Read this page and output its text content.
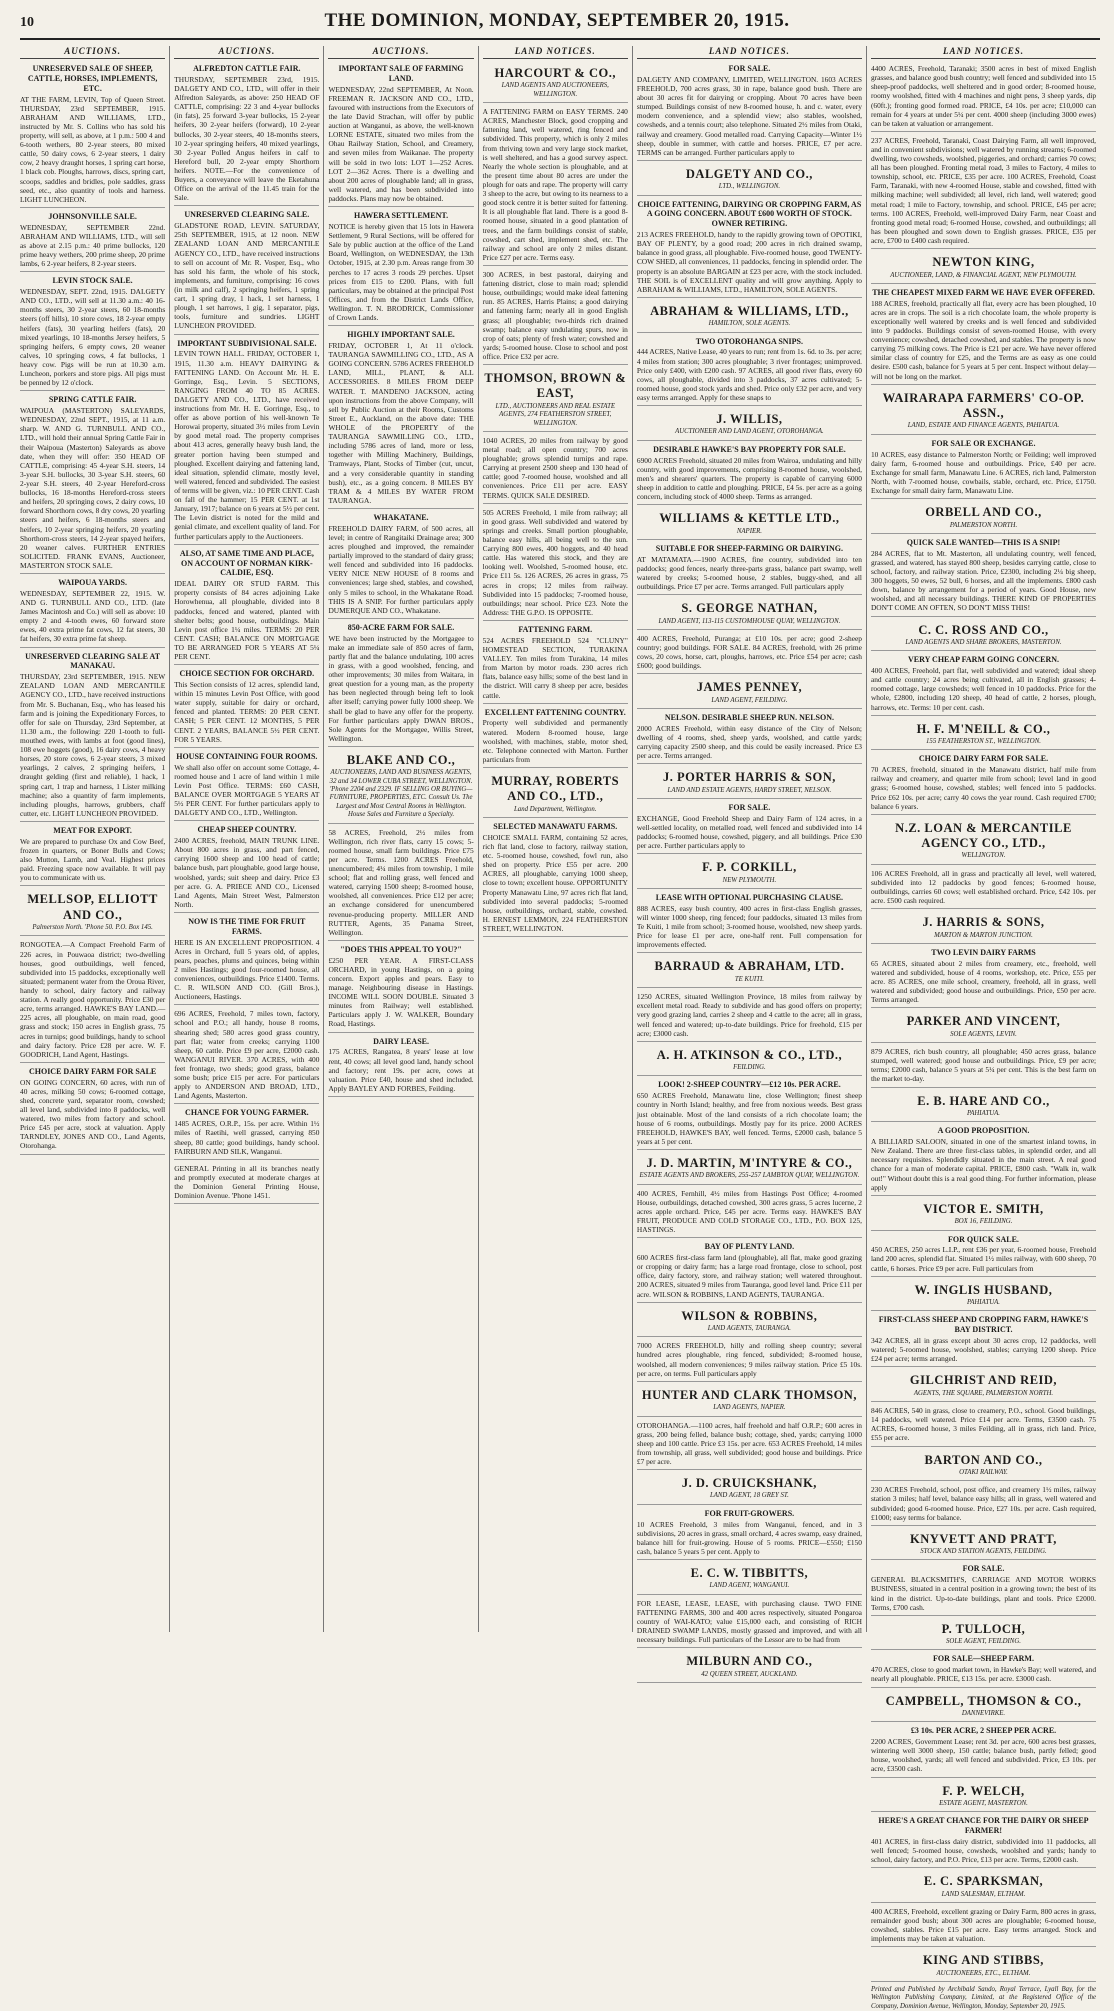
10	THE DOMINION, MONDAY, SEPTEMBER 20, 1915.
AUCTIONS.
UNRESERVED SALE OF SHEEP, CATTLE, HORSES, IMPLEMENTS, ETC.
AT THE FARM, LEVIN, Top of Queen Street. THURSDAY, 23rd SEPTEMBER, 1915. ABRAHAM AND WILLIAMS, LTD., instructed by Mr. S. Collins who has sold his property, will sell, as above, at 1 p.m.: 500 4 and 6-tooth wethers, 80 2-year steers, 80 mixed cattle, 50 dairy cows, 6 2-year steers, 1 dairy cow, 2 heavy draught horses, 1 spring cart horse, 1 black cob. Ploughs, harrows, discs, spring cart, scoops, saddles and bridles, pole saddles, grass seed, etc., also quantity of tools and harness. LIGHT LUNCHEON.
JOHNSONVILLE SALE.
WEDNESDAY, SEPTEMBER 22nd. ABRAHAM AND WILLIAMS, LTD., will sell as above at 2.15 p.m.: 40 prime bullocks, 120 prime heavy wethers, 200 prime sheep, 20 prime lambs, 6 2-year heifers, 8 2-year steers.
LEVIN STOCK SALE.
WEDNESDAY, SEPT. 22nd, 1915. DALGETY AND CO., LTD., will sell at 11.30 a.m.: 40 16-months steers, 30 2-year steers, 60 18-months steers (off hills), 10 store cows, 18 2-year empty heifers (fats), 30 yearling heifers (fats), 20 mixed yearlings, 10 18-months Jersey heifers, 5 springing heifers, 6 empty cows, 20 weaner calves, 10 springing cows, 4 fat bullocks, 1 heavy cow. Pigs will be run at 10.30 a.m. Luncheon, porkers and store pigs. All pigs must be penned by 12 o'clock.
SPRING CATTLE FAIR.
WAIPOUA (MASTERTON) SALEYARDS, WEDNESDAY, 22nd SEPT., 1915, at 11 a.m. sharp. W. AND G. TURNBULL AND CO., LTD., will hold their annual Spring Cattle Fair in their Waipoua (Masterton) Saleyards as above date, when they will offer: 350 HEAD OF CATTLE, comprising: 45 4-year S.H. steers, 14 3-year S.H. bullocks, 30 3-year S.H. steers, 60 2-year S.H. steers, 40 2-year Hereford-cross bullocks, 16 18-months Hereford-cross steers and heifers, 20 springing cows, 2 dairy cows, 10 forward Shorthorn cows, 8 dry cows, 20 yearling steers and heifers, 6 18-months steers and heifers, 10 2-year springing heifers, 20 yearling Shorthorn-cross steers, 14 2-year spayed heifers, 20 weaner calves. FURTHER ENTRIES SOLICITED. FRANK EVANS, Auctioneer, MASTERTON STOCK SALE.
WAIPOUA YARDS.
WEDNESDAY, SEPTEMBER 22, 1915. W. AND G. TURNBULL AND CO., LTD. (late James Macintosh and Co.) will sell as above: 10 empty 2 and 4-tooth ewes, 60 forward store ewes, 40 extra prime fat cows, 12 fat steers, 30 fat heifers, 30 extra prime fat sheep.
UNRESERVED CLEARING SALE AT MANAKAU.
THURSDAY, 23rd SEPTEMBER, 1915. NEW ZEALAND LOAN AND MERCANTILE AGENCY CO., LTD., have received instructions from Mr. S. Buchanan, Esq., who has leased his farm and is joining the Expeditionary Forces, to offer for sale on Thursday, 23rd September, at 11.30 a.m., the following: 220 1-tooth to full-mouthed ewes, with lambs at foot (good lines), 108 ewe hoggets (good), 16 dairy cows, 4 heavy horses, 20 store cows, 6 2-year steers, 3 mixed yearlings, 2 calves, 2 springing heifers, 1 draught gelding (first and reliable), 1 hack, 1 spring cart, 1 trap and harness, 1 Lister milking machine; also a quantity of farm implements, including ploughs, harrows, grubbers, chaff cutter, etc. LIGHT LUNCHEON PROVIDED.
MEAT FOR EXPORT.
We are prepared to purchase Ox and Cow Beef, frozen in quarters, or Boner Bulls and Cows; also Mutton, Lamb, and Veal. Highest prices paid. Freezing space now available. It will pay you to communicate with us.
MELLSOP, ELLIOTT AND CO.,
Palmerston North. 'Phone 50. P.O. Box 145.
RONGOTEA.—A Compact Freehold Farm of 226 acres, in Pouwaoa district; two-dwelling houses, good outbuildings, well fenced, subdivided into 15 paddocks, exceptionally well situated; permanent water from the Oroua River, handy to school, dairy factory and railway station. A really good opportunity. Price £30 per acre, terms arranged. HAWKE'S BAY LAND.—225 acres, all ploughable, on main road, good grass and stock; 150 acres in English grass, 75 acres in turnips; good buildings, handy to school and dairy factory. Price £28 per acre. W. F. GOODRICH, Land Agent, Hastings.
CHOICE DAIRY FARM FOR SALE
ON GOING CONCERN, 60 acres, with run of 40 acres, milking 50 cows; 6-roomed cottage, shed, concrete yard, separator room, cowshed; all level land, subdivided into 8 paddocks, well watered, two miles from factory and school. Price £45 per acre, stock at valuation. Apply TARNDLEY, JONES AND CO., Land Agents, Otorohanga.
AUCTIONS.
ALFREDTON CATTLE FAIR.
THURSDAY, SEPTEMBER 23rd, 1915. DALGETY AND CO., LTD., will offer in their Alfredton Saleyards, as above: 250 HEAD OF CATTLE, comprising: 22 3 and 4-year bullocks (in fats), 25 forward 3-year bullocks, 15 2-year heifers, 30 2-year heifers (forward), 10 2-year bullocks, 30 2-year steers, 40 18-months steers, 10 2-year springing heifers, 40 mixed yearlings, 30 2-year Polled Angus heifers in calf to Hereford bull, 20 2-year empty Shorthorn heifers. NOTE.—For the convenience of Buyers, a conveyance will leave the Eketahuna Office on the arrival of the 11.45 train for the Sale.
UNRESERVED CLEARING SALE.
GLADSTONE ROAD, LEVIN. SATURDAY, 25th SEPTEMBER, 1915, at 12 noon. NEW ZEALAND LOAN AND MERCANTILE AGENCY CO., LTD., have received instructions to sell on account of Mr. R. Vosper, Esq., who has sold his farm, the whole of his stock, implements, and furniture, comprising: 16 cows (in milk and calf), 2 springing heifers, 1 spring cart, 1 spring dray, 1 hack, 1 set harness, 1 plough, 1 set harrows, 1 gig, 1 separator, pigs, tools, furniture and sundries. LIGHT LUNCHEON PROVIDED.
IMPORTANT SUBDIVISIONAL SALE.
LEVIN TOWN HALL. FRIDAY, OCTOBER 1, 1915, 11.30 a.m. HEAVY DAIRYING & FATTENING LAND. On Account Mr. H. E. Gorringe, Esq., Levin. 5 SECTIONS, RANGING FROM 40 TO 85 ACRES. DALGETY AND CO., LTD., have received instructions from Mr. H. E. Gorringe, Esq., to offer as above portion of his well-known Te Horowai property, situated 3½ miles from Levin by good metal road. The property comprises about 413 acres, generally heavy bush land, the greater portion having been stumped and ploughed. Excellent dairying and fattening land, ideal situation, splendid climate, mostly level, well watered, fenced and subdivided. The easiest of terms will be given, viz.: 10 PER CENT. Cash on fall of the hammer; 15 PER CENT. at 1st January, 1917; balance on 6 years at 5½ per cent. The Levin district is noted for the mild and genial climate, and excellent quality of land. For further particulars apply to the Auctioneers.
ALSO, AT SAME TIME AND PLACE, ON ACCOUNT OF NORMAN KIRK-CALDIE, ESQ.
IDEAL DAIRY OR STUD FARM. This property consists of 84 acres adjoining Lake Horowhenua, all ploughable, divided into 8 paddocks, fenced and watered, planted with shelter belts; good house, outbuildings. Main Levin post office 1¼ miles. TERMS: 20 PER CENT. CASH; BALANCE ON MORTGAGE TO BE ARRANGED FOR 5 YEARS AT 5¼ PER CENT.
CHOICE SECTION FOR ORCHARD.
This Section consists of 12 acres, splendid land, within 15 minutes Levin Post Office, with good water supply, suitable for dairy or orchard, fenced and planted. TERMS: 20 PER CENT. CASH; 5 PER CENT. 12 MONTHS, 5 PER CENT. 2 YEARS, BALANCE 5½ PER CENT. FOR 5 YEARS.
HOUSE CONTAINING FOUR ROOMS.
We shall also offer on account some Cottage, 4-roomed house and 1 acre of land within 1 mile Levin Post Office. TERMS: £60 CASH, BALANCE OVER MORTGAGE 5 YEARS AT 5½ PER CENT. For further particulars apply to DALGETY AND CO., LTD., Wellington.
CHEAP SHEEP COUNTRY.
2400 ACRES, freehold, MAIN TRUNK LINE. About 800 acres in grass, and part fenced, carrying 1600 sheep and 100 head of cattle; balance bush, part ploughable, good large house, woolshed, yards; suit sheep and dairy. Price £3 per acre. G. A. PRIECE AND CO., Licensed Land Agents, Main Street West, Palmerston North.
NOW IS THE TIME FOR FRUIT FARMS.
HERE IS AN EXCELLENT PROPOSITION. 4 Acres in Orchard, full 5 years old, of apples, pears, peaches, plums and quinces, being within 2 miles Hastings; good four-roomed house, all conveniences, outbuildings. Price £1400. Terms. C. R. WILSON AND CO. (Gill Bros.), Auctioneers, Hastings.
696 ACRES, Freehold, 7 miles town, factory, school and P.O.; all handy, house 8 rooms, shearing shed; 580 acres good grass country, part flat; water from creeks; carrying 1100 sheep, 60 cattle. Price £9 per acre, £2000 cash. WANGANUI RIVER. 370 ACRES, with 400 feet frontage, two sheds; good grass, balance some bush; price £15 per acre. For particulars apply to ANDERSON AND BROAD, LTD., Land Agents, Masterton.
CHANCE FOR YOUNG FARMER.
1485 ACRES, O.R.P., 15s. per acre. Within 1½ miles of Raetihi, well grassed, carrying 850 sheep, 80 cattle; good buildings, handy school. FAIRBURN AND SILK, Wanganui.
GENERAL Printing in all its branches neatly and promptly executed at moderate charges at the Dominion General Printing House, Dominion Avenue. 'Phone 1451.
AUCTIONS.
IMPORTANT SALE OF FARMING LAND.
WEDNESDAY, 22nd SEPTEMBER, At Noon. FREEMAN R. JACKSON AND CO., LTD., favoured with instructions from the Executors of the late David Strachan, will offer by public auction at Wanganui, as above, the well-known LORNE ESTATE, situated two miles from the Ohau Railway Station, School, and Creamery, and seven miles from Waikanae. The property will be sold in two lots: LOT 1—252 Acres. LOT 2—362 Acres. There is a dwelling and about 200 acres of ploughable land; all in grass, well watered, and has been subdivided into paddocks. Plans may now be obtained.
HAWERA SETTLEMENT.
NOTICE is hereby given that 15 lots in Hawera Settlement, 9 Rural Sections, will be offered for Sale by public auction at the office of the Land Board, Wellington, on WEDNESDAY, the 13th October, 1915, at 2.30 p.m. Areas range from 30 perches to 17 acres 3 roods 29 perches. Upset prices from £15 to £200. Plans, with full particulars, may be obtained at the principal Post Offices, and from the District Lands Office, Wellington. T. N. BRODRICK, Commissioner of Crown Lands.
HIGHLY IMPORTANT SALE.
FRIDAY, OCTOBER 1, At 11 o'clock. TAURANGA SAWMILLING CO., LTD., AS A GOING CONCERN. 5786 ACRES FREEHOLD LAND, MILL, PLANT, & ALL ACCESSORIES. 8 MILES FROM DEEP WATER. T. MANDENO JACKSON, acting upon instructions from the above Company, will sell by Public Auction at their Rooms, Customs Street E., Auckland, on the above date: THE WHOLE of the PROPERTY of the TAURANGA SAWMILLING CO., LTD., including 5786 acres of land, more or less, together with Milling Machinery, Buildings, Tramways, Plant, Stocks of Timber (cut, uncut, and a very considerable quantity in standing bush), etc., as a going concern. 8 MILES BY TRAM & 4 MILES BY WATER FROM TAURANGA.
WHAKATANE.
FREEHOLD DAIRY FARM, of 500 acres, all level; in centre of Rangitaiki Drainage area; 300 acres ploughed and improved, the remainder partially improved to the standard of dairy grass; well fenced and subdivided into 16 paddocks. VERY NICE NEW HOUSE of 8 rooms and conveniences; large shed, stables, and cowshed, only 5 miles to school, in the Whakatane Road. THIS IS A SNIP. For further particulars apply DUMERQUE AND CO., Whakatane.
850-ACRE FARM FOR SALE.
WE have been instructed by the Mortgagee to make an immediate sale of 850 acres of farm, partly flat and the balance undulating, 100 acres in grass, with a good woolshed, fencing, and other improvements; 30 miles from Waitara, in great question for a young man, as the property has been neglected through being left to look after itself; carrying power fully 1000 sheep. We shall be glad to have any offer for the property. For further particulars apply DWAN BROS., Sole Agents for the Mortgagee, Willis Street, Wellington.
BLAKE AND CO.,
AUCTIONEERS, LAND AND BUSINESS AGENTS, 32 and 34 LOWER CUBA STREET, WELLINGTON. 'Phone 2204 and 2329. IF SELLING OR BUYING—FURNITURE, PROPERTIES, ETC. Consult Us. The Largest and Most Central Rooms in Wellington. House Sales and Furniture a Specialty.
58 ACRES, Freehold, 2½ miles from Wellington, rich river flats, carry 15 cows; 5-roomed house, small farm buildings. Price £75 per acre. Terms. 1200 ACRES Freehold, unencumbered; 4¼ miles from township, 1 mile school; flat and rolling grass, well fenced and watered, carrying 1500 sheep; 8-roomed house, woolshed, all conveniences. Price £12 per acre; an exchange considered for unencumbered revenue-producing property. MILLER AND RUTTER, Agents, 35 Panama Street, Wellington.
"DOES THIS APPEAL TO YOU?"
£250 PER YEAR. A FIRST-CLASS ORCHARD, in young Hastings, on a going concern. Export apples and pears. Easy to manage. Neighbouring disease in Hastings. INCOME WILL SOON DOUBLE. Situated 3 minutes from Railway; well established. Particulars apply J. W. WALKER, Boundary Road, Hastings.
DAIRY LEASE.
175 ACRES, Rangatea, 8 years' lease at low rent, 40 cows; all level good land, handy school and factory; rent 19s. per acre, cows at valuation. Price £40, house and shed included. Apply BAYLEY AND FORBES, Feilding.
LAND NOTICES.
HARCOURT & CO.,
LAND AGENTS AND AUCTIONEERS, WELLINGTON.
A FATTENING FARM on EASY TERMS. 240 ACRES, Manchester Block, good cropping and fattening land, well watered, ring fenced and subdivided. This property, which is only 2 miles from thriving town and very large stock market, is well sheltered, and has a good survey aspect. Nearly the whole section is ploughable, and at the present time about 80 acres are under the plough for oats and rape. The property will carry 3 sheep to the acre, but owing to its nearness to a good stock centre it is better suited for fattening. It is all ploughable flat land. There is a good 8-roomed house, situated in a good plantation of trees, and the farm buildings consist of stable, cowshed, cart shed, implement shed, etc. The railway and school are only 2 miles distant. Price £27 per acre. Terms easy.
300 ACRES, in best pastoral, dairying and fattening district, close to main road; splendid house, outbuildings; would make ideal fattening run. 85 ACRES, Harris Plains; a good dairying and fattening farm; nearly all in good English grass; all ploughable; two-thirds rich drained swamp; balance easy undulating spurs, now in crop of oats; plenty of fresh water; cowshed and yards; 5-roomed house. Close to school and post office. Price £32 per acre.
THOMSON, BROWN & EAST,
LTD., AUCTIONEERS AND REAL ESTATE AGENTS, 274 FEATHERSTON STREET, WELLINGTON.
1040 ACRES, 20 miles from railway by good metal road; all open country; 700 acres ploughable; grows splendid turnips and rape. Carrying at present 2500 sheep and 130 head of cattle; good 7-roomed house, woolshed and all conveniences. Price £11 per acre. EASY TERMS. QUICK SALE DESIRED.
505 ACRES Freehold, 1 mile from railway; all in good grass. Well subdivided and watered by springs and creeks. Small portion ploughable, balance easy hills, all being well to the sun. Carrying 800 ewes, 400 hoggets, and 40 head cattle. Has watered this stock, and they are looking well. Woolshed, 5-roomed house, etc. Price £11 5s. 126 ACRES, 26 acres in grass, 75 acres in crops; 12 miles from railway. Subdivided into 15 paddocks; 7-roomed house, outbuildings; near school. Price £23. Note the Address: THE G.P.O. IS OPPOSITE.
FATTENING FARM.
524 ACRES FREEHOLD 524 "CLUNY" HOMESTEAD SECTION, TURAKINA VALLEY. Ten miles from Turakina, 14 miles from Marton by motor roads. 230 acres rich flats, balance easy hills; some of the best land in the district. Will carry 8 sheep per acre, besides cattle.
EXCELLENT FATTENING COUNTRY.
Property well subdivided and permanently watered. Modern 8-roomed house, large woolshed, with machines, stable, motor shed, etc. Telephone connected with Marton. Further particulars from
MURRAY, ROBERTS AND CO., LTD.,
Land Department, Wellington.
SELECTED MANAWATU FARMS.
CHOICE SMALL FARM, containing 52 acres, rich flat land, close to factory, railway station, etc. 5-roomed house, cowshed, fowl run, also shed on property. Price £55 per acre. 200 ACRES, all ploughable, carrying 1000 sheep, close to town; excellent house. OPPORTUNITY Property Manawatu Line, 97 acres rich flat land, subdivided into several paddocks; 5-roomed house, outbuildings, orchard, stable, cowshed. H. ERNEST LEMMON, 224 FEATHERSTON STREET, WELLINGTON.
LAND NOTICES.
FOR SALE.
DALGETY AND COMPANY, LIMITED, WELLINGTON. 1603 ACRES FREEHOLD, 700 acres grass, 30 in rape, balance good bush. There are about 30 acres fit for dairying or cropping. About 70 acres have been stumped. Buildings consist of new 8-roomed house, h. and c. water, every modern convenience, and a splendid view; also stables, woolshed, cowsheds, and a tennis court; also telephone. Situated 2½ miles from Otaki, railway and creamery. Good metalled road. Carrying Capacity—Winter 1½ sheep, double in summer, with cattle and horses. PRICE, £7 per acre. TERMS can be arranged. Further particulars apply to
DALGETY AND CO.,
LTD., WELLINGTON.
CHOICE FATTENING, DAIRYING OR CROPPING FARM, AS A GOING CONCERN. ABOUT £600 WORTH OF STOCK. OWNER RETIRING.
213 ACRES FREEHOLD, handy to the rapidly growing town of OPOTIKI, BAY OF PLENTY, by a good road; 200 acres in rich drained swamp, balance in good grass, all ploughable. Five-roomed house, good TWENTY-COW SHED, all conveniences, 11 paddocks, fencing in splendid order. The property is an absolute BARGAIN at £23 per acre, with the stock included. THE SOIL is of EXCELLENT quality and will grow anything. Apply to ABRAHAM & WILLIAMS, LTD., HAMILTON, SOLE AGENTS.
ABRAHAM & WILLIAMS, LTD.,
HAMILTON, SOLE AGENTS.
TWO OTOROHANGA SNIPS.
444 ACRES, Native Lease, 40 years to run; rent from 1s. 6d. to 3s. per acre; 4 miles from station; 300 acres ploughable; 3 river frontages; unimproved. Price only £400, with £200 cash. 97 ACRES, all good river flats, every 60 cows, all ploughable, divided into 3 paddocks, 37 acres cultivated; 5-roomed house, good stock yards and shed. Price only £32 per acre, and very easy terms arranged. Apply for these snaps to
J. WILLIS,
AUCTIONEER AND LAND AGENT, OTOROHANGA.
DESIRABLE HAWKE'S BAY PROPERTY FOR SALE.
6900 ACRES Freehold, situated 20 miles from Wairoa, undulating and hilly country, with good improvements, comprising 8-roomed house, woolshed, men's and shearers' quarters. The property is capable of carrying 6000 sheep in addition to cattle and ploughing. PRICE, £4 5s. per acre as a going concern, including stock of 4000 sheep. Terms as arranged.
WILLIAMS & KETTLE LTD.,
NAPIER.
SUITABLE FOR SHEEP-FARMING OR DAIRYING.
AT MATAMATA.—1900 ACRES, fine country, subdivided into ten paddocks; good fences, nearly three-parts grass, balance part swamp, well watered by creeks; 5-roomed house, 2 stables, buggy-shed, and all outbuildings. Price £7 per acre. Terms arranged. Full particulars apply
S. GEORGE NATHAN,
LAND AGENT, 113-115 CUSTOMHOUSE QUAY, WELLINGTON.
400 ACRES, Freehold, Puranga; at £10 10s. per acre; good 2-sheep country; good buildings. FOR SALE. 84 ACRES, freehold, with 26 prime cows, 20 cows, horse, cart, ploughs, harrows, etc. Price £54 per acre; cash £600; good buildings.
JAMES PENNEY,
LAND AGENT, FEILDING.
NELSON. DESIRABLE SHEEP RUN. NELSON.
2000 ACRES Freehold, within easy distance of the City of Nelson; dwelling of 4 rooms, shed, sheep yards, woolshed, and cattle yards; carrying capacity 2500 sheep, and this could be easily increased. Price £3 per acre. Terms arranged.
J. PORTER HARRIS & SON,
LAND AND ESTATE AGENTS, HARDY STREET, NELSON.
FOR SALE.
EXCHANGE, Good Freehold Sheep and Dairy Farm of 124 acres, in a well-settled locality, on metalled road, well fenced and subdivided into 14 paddocks; 6-roomed house, cowshed, piggery, and all buildings. Price £30 per acre. Further particulars apply to
F. P. CORKILL,
NEW PLYMOUTH.
LEASE WITH OPTIONAL PURCHASING CLAUSE.
888 ACRES, easy bush country, 400 acres in first-class English grasses, will winter 1000 sheep, ring fenced; four paddocks, situated 13 miles from Te Kuiti, 1 mile from school; 3-roomed house, woolshed, new sheep yards. Price for lease £1 per acre, one-half rent. Full compensation for improvements effected.
BARRAUD & ABRAHAM, LTD.
TE KUITI.
1250 ACRES, situated Wellington Province, 18 miles from railway by excellent metal road. Ready to subdivide and has good offers on property; very good grazing land, carries 2 sheep and 4 cattle to the acre; all in grass, well fenced and watered; up-to-date buildings. Price for freehold, £15 per acre; £3000 cash.
A. H. ATKINSON & CO., LTD.,
FEILDING.
LOOK! 2-SHEEP COUNTRY—£12 10s. PER ACRE.
650 ACRES Freehold, Manawatu line, close Wellington; finest sheep country in North Island; healthy, and free from noxious weeds. Best grass just obtainable. Most of the land consists of a rich chocolate loam; the house of 6 rooms, outbuildings. Mostly pay for its price. 2000 ACRES FREEHOLD, HAWKE'S BAY, well fenced. Terms, £2000 cash, balance 5 years at 5 per cent.
J. D. MARTIN, M'INTYRE & CO.,
ESTATE AGENTS AND BROKERS, 255-257 LAMBTON QUAY, WELLINGTON.
400 ACRES, Fernhill, 4½ miles from Hastings Post Office; 4-roomed House, outbuildings, detached cowshed, 300 acres grass, 5 acres lucerne, 2 acres apple orchard. Price, £45 per acre. Terms easy. HAWKE'S BAY FRUIT, PRODUCE AND COLD STORAGE CO., LTD., P.O. BOX 125, HASTINGS.
BAY OF PLENTY LAND.
600 ACRES first-class farm land (ploughable), all flat, make good grazing or cropping or dairy farm; has a large road frontage, close to school, post office, dairy factory, store, and railway station; well watered throughout. 200 ACRES, situated 9 miles from Tauranga, good level land. Price £11 per acre. WILSON & ROBBINS, LAND AGENTS, TAURANGA.
WILSON & ROBBINS,
LAND AGENTS, TAURANGA.
7000 ACRES FREEHOLD, hilly and rolling sheep country; several hundred acres ploughable, ring fenced, subdivided; 8-roomed house, woolshed, all modern conveniences; 9 miles railway station. Price £5 10s. per acre, on terms. Full particulars apply
HUNTER AND CLARK THOMSON,
LAND AGENTS, NAPIER.
OTOROHANGA.—1100 acres, half freehold and half O.R.P.; 600 acres in grass, 200 being felled, balance bush; cottage, shed, yards; carrying 1000 sheep and 100 cattle. Price £3 15s. per acre. 653 ACRES Freehold, 14 miles from township, all grass, well subdivided; good house and buildings. Price £7 per acre.
J. D. CRUICKSHANK,
LAND AGENT, 18 GREY ST.
FOR FRUIT-GROWERS.
10 ACRES Freehold, 3 miles from Wanganui, fenced, and in 3 subdivisions, 20 acres in grass, small orchard, 4 acres swamp, easy drained, balance hill for fruit-growing. House of 5 rooms. PRICE—£550; £150 cash, balance 5 years 5 per cent. Apply to
E. C. W. TIBBITTS,
LAND AGENT, WANGANUI.
FOR LEASE, LEASE, LEASE, with purchasing clause. TWO FINE FATTENING FARMS, 300 and 400 acres respectively, situated Pongaroa country of WAI-KATO; value £15,000 each, and consisting of RICH DRAINED SWAMP LANDS, mostly grassed and improved, and with all necessary buildings. Full particulars of the Lessor are to be had from
MILBURN AND CO.,
42 QUEEN STREET, AUCKLAND.
LAND NOTICES.
4400 ACRES, Freehold, Taranaki; 3500 acres in best of mixed English grasses, and balance good bush country; well fenced and subdivided into 15 sheep-proof paddocks, well sheltered and in good order; 8-roomed house, roomy woolshed, fitted with 4 machines and night pens, 3 sheep yards, dip (60ft.); fronting good formed road. PRICE, £4 10s. per acre; £10,000 can remain for 4 years at under 5¼ per cent. 4000 sheep (including 3000 ewes) can be taken at valuation or arrangement.
237 ACRES, Freehold, Taranaki, Coast Dairying Farm, all well improved, and in convenient subdivisions; well watered by running streams; 6-roomed dwelling, two cowsheds, woolshed, piggeries, and orchard; carries 70 cows; all has been ploughed. Fronting metal road, 3 miles to Factory, 4 miles to township, school, etc. PRICE, £35 per acre. 100 ACRES, Freehold, Coast Farm, Taranaki, with new 4-roomed House, stable and cowshed, fitted with milking machine; well subdivided; all level, rich land, well watered; good metal road; 1 mile to Factory, township, and school. PRICE, £45 per acre; terms. 100 ACRES, Freehold, well-improved Dairy Farm, near Coast and fronting good metal road; 6-roomed House, cowshed, and outbuildings; all has been ploughed and sown down to English grasses. PRICE, £35 per acre, £700 to £400 cash required.
NEWTON KING,
AUCTIONEER, LAND, & FINANCIAL AGENT, NEW PLYMOUTH.
THE CHEAPEST MIXED FARM WE HAVE EVER OFFERED.
188 ACRES, freehold, practically all flat, every acre has been ploughed, 10 acres are in crops. The soil is a rich chocolate loam, the whole property is exceptionally well watered by creeks and is well fenced and subdivided into 9 paddocks. Buildings consist of seven-roomed House, with every convenience; cowshed, detached cowshed, and stables. The property is now carrying 75 milking cows. The Price is £21 per acre. We have never offered similar class of country for £25, and the Terms are as easy as one could desire. £500 cash, balance for 5 years at 5 per cent. Inspect without delay—will not be long on the market.
WAIRARAPA FARMERS' CO-OP. ASSN.,
LAND, ESTATE AND FINANCE AGENTS, PAHIATUA.
FOR SALE OR EXCHANGE.
10 ACRES, easy distance to Palmerston North; or Feilding; well improved dairy farm, 6-roomed house and outbuildings. Price, £40 per acre. Exchange for small farm, Manawatu Line. 6 ACRES, rich land, Palmerston North, with 7-roomed house, cowbails, stable, orchard, etc. Price, £1750. Exchange for small dairy farm, Manawatu Line.
ORBELL AND CO.,
PALMERSTON NORTH.
QUICK SALE WANTED—THIS IS A SNIP!
284 ACRES, flat to Mt. Masterton, all undulating country, well fenced, grassed, and watered, has stayed 800 sheep, besides carrying cattle, close to school, factory, and railway station. Price, £2300, including 2¼ big sheep, 300 hoggets, 50 ewes, 52 bull, 6 horses, and all the implements. £800 cash down, balance by arrangement for a period of years. Good House, new woolshed, and all necessary buildings. THERE KIND OF PROPERTIES DON'T COME AN OFTEN, SO DON'T MISS THIS!
C. C. ROSS AND CO.,
LAND AGENTS AND SHARE BROKERS, MASTERTON.
VERY CHEAP FARM GOING CONCERN.
400 ACRES, Freehold, part flat, well subdivided and watered; ideal sheep and cattle country; 24 acres being cultivated, all in English grasses; 4-roomed cottage, large cowsheds; well fenced in 10 paddocks. Price for the whole, £2800, including 120 sheep, 40 head of cattle, 2 horses, plough, harrows, etc. Terms: 10 per cent. cash.
H. F. M'NEILL & CO.,
155 FEATHERSTON ST., WELLINGTON.
CHOICE DAIRY FARM FOR SALE.
70 ACRES, freehold, situated in the Manawatu district, half mile from railway and creamery, and quarter mile from school; level land in good grass; 6-roomed house, cowshed, stables; well fenced into 5 paddocks. Price £62 10s. per acre; carry 40 cows the year round. Cash required £700; balance 6 years.
N.Z. LOAN & MERCANTILE AGENCY CO., LTD.,
WELLINGTON.
106 ACRES Freehold, all in grass and practically all level, well watered, subdivided into 12 paddocks by good fences; 6-roomed house, outbuildings, carries 60 cows; well established orchard. Price, £42 10s. per acre. £500 cash required.
J. HARRIS & SONS,
MARTON & MARTON JUNCTION.
TWO LEVIN DAIRY FARMS
65 ACRES, situated about 2 miles from creamery, etc., freehold, well watered and subdivided, house of 4 rooms, workshop, etc. Price, £55 per acre. 85 ACRES, one mile school, creamery, freehold, all in grass, well watered and subdivided; good house and outbuildings. Price, £50 per acre. Terms arranged.
PARKER AND VINCENT,
SOLE AGENTS, LEVIN.
879 ACRES, rich bush country, all ploughable; 450 acres grass, balance stumped, well watered; good house and outbuildings. Price, £9 per acre; terms; £2000 cash, balance 5 years at 5¼ per cent. This is the best farm on the market to-day.
E. B. HARE AND CO.,
PAHIATUA.
A GOOD PROPOSITION.
A BILLIARD SALOON, situated in one of the smartest inland towns, in New Zealand. There are three first-class tables, in splendid order, and all necessary requisites. Splendidly situated in the main street. A real good chance for a man of moderate capital. PRICE, £800 cash. "Walk in, walk out!" Without doubt this is a real good thing. For further information, please apply
VICTOR E. SMITH,
BOX 16, FEILDING.
FOR QUICK SALE.
450 ACRES, 250 acres L.I.P., rent £36 per year, 6-roomed house, Freehold land 200 acres, splendid flat. Situated 1½ miles railway, with 600 sheep, 70 cattle, 6 horses. Price £9 per acre. Full particulars from
W. INGLIS HUSBAND,
PAHIATUA.
FIRST-CLASS SHEEP AND CROPPING FARM, HAWKE'S BAY DISTRICT.
342 ACRES, all in grass except about 30 acres crop, 12 paddocks, well watered; 5-roomed house, woolshed, stables; carrying 1200 sheep. Price £24 per acre; terms arranged.
GILCHRIST AND REID,
AGENTS, THE SQUARE, PALMERSTON NORTH.
846 ACRES, 540 in grass, close to creamery, P.O., school. Good buildings, 14 paddocks, well watered. Price £14 per acre. Terms, £3500 cash. 75 ACRES, 6-roomed house, 3 miles Feilding, all in grass, rich land. Price, £55 per acre.
BARTON AND CO.,
OTAKI RAILWAY.
230 ACRES Freehold, school, post office, and creamery 1½ miles, railway station 3 miles; half level, balance easy hills; all in grass, well watered and subdivided; good 6-roomed house. Price, £27 10s. per acre. Cash required, £1000; easy terms for balance.
KNYVETT AND PRATT,
STOCK AND STATION AGENTS, FEILDING.
FOR SALE.
GENERAL BLACKSMITH'S, CARRIAGE AND MOTOR WORKS BUSINESS, situated in a central position in a growing town; the best of its kind in the district. Up-to-date buildings, plant and tools. Price £2000. Terms, £700 cash.
P. TULLOCH,
SOLE AGENT, FEILDING.
FOR SALE—SHEEP FARM.
470 ACRES, close to good market town, in Hawke's Bay; well watered, and nearly all ploughable. PRICE, £13 15s. per acre. £3000 cash.
CAMPBELL, THOMSON & CO.,
DANNEVIRKE.
£3 10s. PER ACRE, 2 SHEEP PER ACRE.
2200 ACRES, Government Lease; rent 3d. per acre, 600 acres best grasses, wintering well 3000 sheep, 150 cattle; balance bush, partly felled; good house, woolshed, yards; all well fenced and subdivided. Price, £3 10s. per acre, £3500 cash.
F. P. WELCH,
ESTATE AGENT, MASTERTON.
HERE'S A GREAT CHANCE FOR THE DAIRY OR SHEEP FARMER!
401 ACRES, in first-class dairy district, subdivided into 11 paddocks, all well fenced; 5-roomed house, cowsheds, woolshed and yards; handy to school, dairy factory, and P.O. Price, £13 per acre. Terms, £2000 cash.
E. C. SPARKSMAN,
LAND SALESMAN, ELTHAM.
400 ACRES, Freehold, excellent grazing or Dairy Farm, 800 acres in grass, remainder good bush; about 300 acres are ploughable; 6-roomed house, cowshed, stables. Price £15 per acre. Easy terms arranged. Stock and implements may be taken at valuation.
KING AND STIBBS,
AUCTIONEERS, ETC., ELTHAM.
Printed and Published by Archibald Sando, Royal Terrace, Lyall Bay, for the Wellington Publishing Company, Limited, at the Registered Office of the Company, Dominion Avenue, Wellington, Monday, September 20, 1915.
